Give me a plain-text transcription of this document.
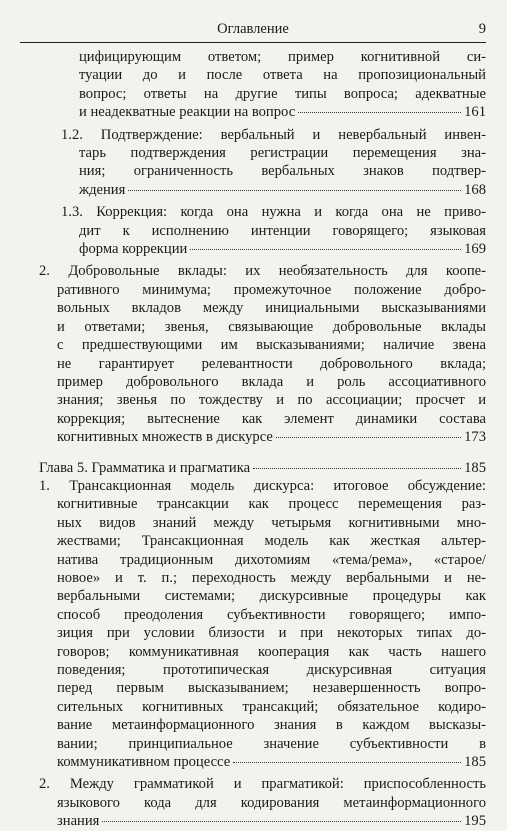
Оглавление	9
цифицирующим ответом; пример когнитивной си-
туации до и после ответа на пропозициональный
вопрос; ответы на другие типы вопроса; адекватные
и неадекватные реакции на вопрос	161
1.2. Подтверждение: вербальный и невербальный инвен-
тарь подтверждения регистрации перемещения зна-
ния; ограниченность вербальных знаков подтвер-
ждения	168
1.3. Коррекция: когда она нужна и когда она не приво-
дит к исполнению интенции говорящего; языковая
форма коррекции	169
2. Добровольные вклады: их необязательность для коопе-
ративного минимума; промежуточное положение добро-
вольных вкладов между инициальными высказываниями
и ответами; звенья, связывающие добровольные вклады
с предшествующими им высказываниями; наличие звена
не гарантирует релевантности добровольного вклада;
пример добровольного вклада и роль ассоциативного
знания; звенья по тождеству и по ассоциации; просчет и
коррекция; вытеснение как элемент динамики состава
когнитивных множеств в дискурсе	173
Глава 5. Грамматика и прагматика	185
1. Трансакционная модель дискурса: итоговое обсуждение:
когнитивные трансакции как процесс перемещения раз-
ных видов знаний между четырьмя когнитивными мно-
жествами; Трансакционная модель как жесткая альтер-
натива традиционным дихотомиям «тема/рема», «старое/
новое» и т. п.; переходность между вербальными и не-
вербальными системами; дискурсивные процедуры как
способ преодоления субъективности говорящего; импо-
зиция при условии близости и при некоторых типах до-
говоров; коммуникативная кооперация как часть нашего
поведения; прототипическая дискурсивная ситуация
перед первым высказыванием; незавершенность вопро-
сительных когнитивных трансакций; обязательное кодиро-
вание метаинформационного знания в каждом высказы-
вании; принципиальное значение субъективности в
коммуникативном процессе	185
2. Между грамматикой и прагматикой: приспособленность
языкового кода для кодирования метаинформационного
знания	195
